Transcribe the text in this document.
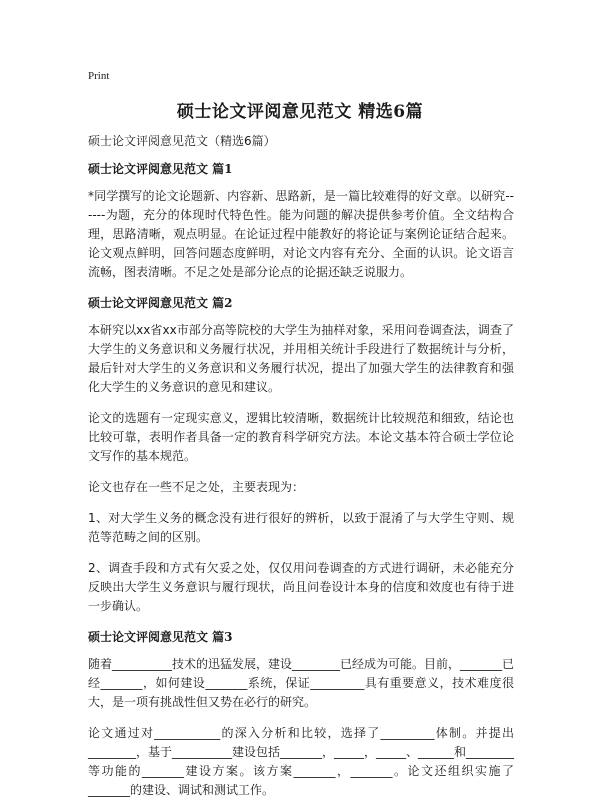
Print
硕士论文评阅意见范文 精选6篇

硕士论文评阅意见范文（精选6篇）

硕士论文评阅意见范文 篇1

*同学撰写的论文论题新、内容新、思路新，是一篇比较难得的好文章。以研究------为题，充分的体现时代特色性。能为问题的解决提供参考价值。全文结构合理，思路清晰，观点明显。在论证过程中能教好的将论证与案例论证结合起来。论文观点鲜明，回答问题态度鲜明，对论文内容有充分、全面的认识。论文语言流畅，图表清晰。不足之处是部分论点的论据还缺乏说服力。

硕士论文评阅意见范文 篇2

本研究以xx省xx市部分高等院校的大学生为抽样对象，采用问卷调查法，调查了大学生的义务意识和义务履行状况，并用相关统计手段进行了数据统计与分析，最后针对大学生的义务意识和义务履行状况，提出了加强大学生的法律教育和强化大学生的义务意识的意见和建议。

论文的选题有一定现实意义，逻辑比较清晰，数据统计比较规范和细致，结论也比较可靠，表明作者具备一定的教育科学研究方法。本论文基本符合硕士学位论文写作的基本规范。

论文也存在一些不足之处，主要表现为：

1、对大学生义务的概念没有进行很好的辨析，以致于混淆了与大学生守则、规范等范畴之间的区别。

2、调查手段和方式有欠妥之处，仅仅用问卷调查的方式进行调研，未必能充分反映出大学生义务意识与履行现状，尚且问卷设计本身的信度和效度也有待于进一步确认。

硕士论文评阅意见范文 篇3

随着__________技术的迅猛发展，建设________已经成为可能。目前，_______已经_______，如何建设_______系统，保证_________具有重要意义，技术难度很大，是一项有挑战性但又势在必行的研究。

论文通过对___________的深入分析和比较，选择了_________体制。并提出________，基于__________建设包括_______，_____，_____、______和________等功能的_______建设方案。该方案_______，_______。论文还组织实施了_______的建设、调试和测试工作。
